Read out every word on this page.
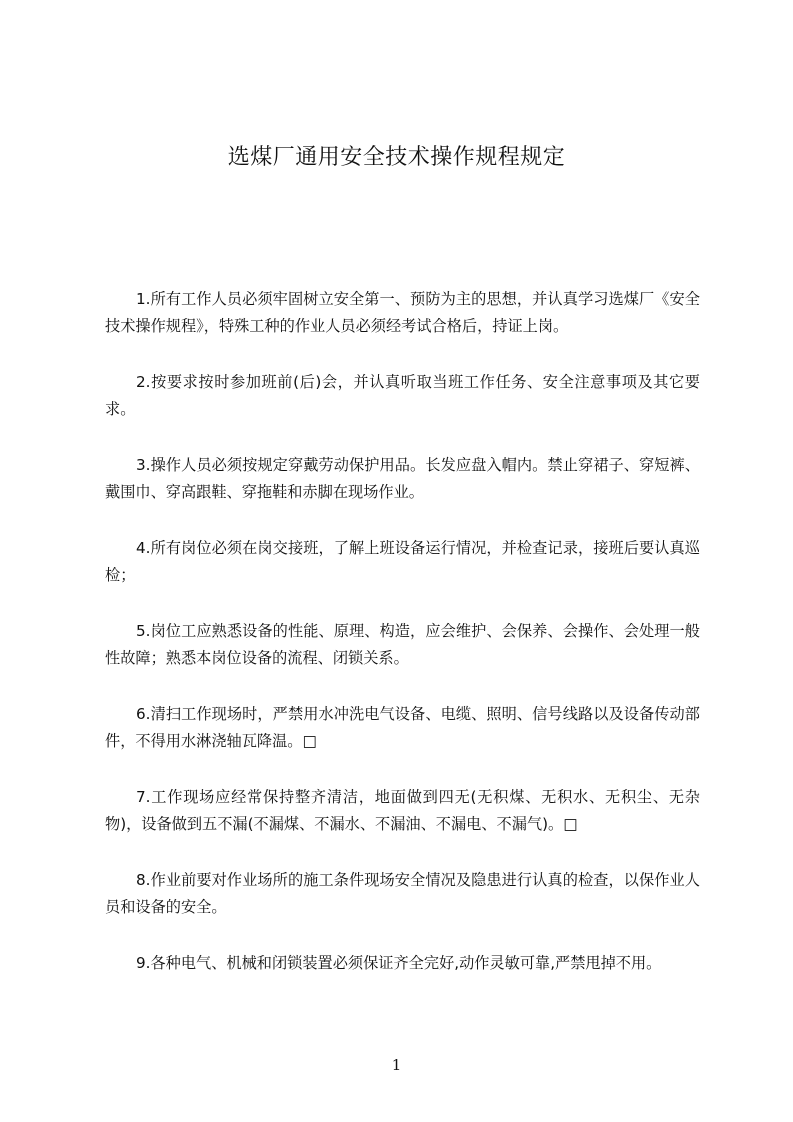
选煤厂通用安全技术操作规程规定
1.所有工作人员必须牢固树立安全第一、预防为主的思想，并认真学习选煤厂《安全技术操作规程》，特殊工种的作业人员必须经考试合格后，持证上岗。
2.按要求按时参加班前(后)会，并认真听取当班工作任务、安全注意事项及其它要求。
3.操作人员必须按规定穿戴劳动保护用品。长发应盘入帽内。禁止穿裙子、穿短裤、戴围巾、穿高跟鞋、穿拖鞋和赤脚在现场作业。
4.所有岗位必须在岗交接班，了解上班设备运行情况，并检查记录，接班后要认真巡检；
5.岗位工应熟悉设备的性能、原理、构造，应会维护、会保养、会操作、会处理一般性故障；熟悉本岗位设备的流程、闭锁关系。
6.清扫工作现场时，严禁用水冲洗电气设备、电缆、照明、信号线路以及设备传动部件，不得用水淋浇轴瓦降温。□
7.工作现场应经常保持整齐清洁，地面做到四无(无积煤、无积水、无积尘、无杂物)，设备做到五不漏(不漏煤、不漏水、不漏油、不漏电、不漏气)。□
8.作业前要对作业场所的施工条件现场安全情况及隐患进行认真的检查，以保作业人员和设备的安全。
9.各种电气、机械和闭锁装置必须保证齐全完好,动作灵敏可靠,严禁甩掉不用。
1
